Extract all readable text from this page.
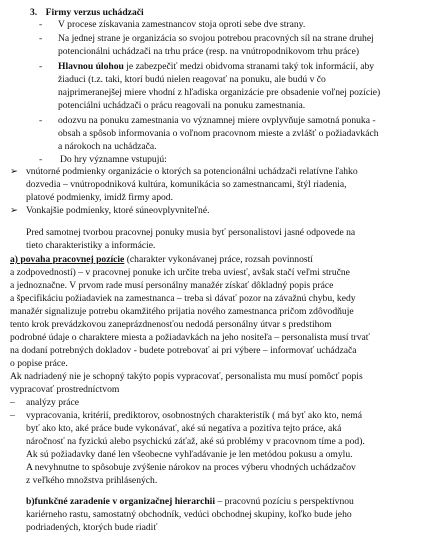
3. Firmy verzus uchádzači
- V procese získavania zamestnancov stoja oproti sebe dve strany.
- Na jednej strane je organizácia so svojou potrebou pracovných síl na strane druhej
potencionálni uchádzači na trhu práce (resp. na vnútropodnikovom trhu práce)
- Hlavnou úlohou je zabezpečiť medzi obidvoma stranami taký tok informácií, aby
žiaduci (t.z. taki, ktorí budú nielen reagovať na ponuku, ale budú v čo
najprimeranejšej miere vhodní z hľadiska organizácie pre obsadenie voľnej pozície)
potenciálni uchádzači o prácu reagovali na ponuku zamestnania.
- odozvu na ponuku zamestnania vo významnej miere ovplyvňuje samotná ponuka -
obsah a spôsob informovania o voľnom pracovnom mieste a zvlášť o požiadavkách
a nárokoch na uchádzača.
- Do hry významne vstupujú:
➢ vnútorné podmienky organizácie o ktorých sa potencionálni uchádzači relatívne ľahko
dozvedia – vnútropodniková kultúra, komunikácia so zamestnancami, štýl riadenia,
platové podmienky, imidž firmy apod.
➢ Vonkajšie podmienky, ktoré súneovplyvniteľné.
Pred samotnej tvorbou pracovnej ponuky musia byť personalistovi jasné odpovede na
tieto charakteristiky a informácie.
a) povaha pracovnej pozície (charakter vykonávanej práce, rozsah povinností
a zodpovedností) – v pracovnej ponuke ich určite treba uviesť, avšak stačí veľmi stručne
a jednoznačne. V prvom rade musí personálny manažér získať dôkladný popis práce
a špecifikáciu požiadaviek na zamestnanca – treba si dávať pozor na závažnú chybu, kedy
manažér signalizuje potrebu okamžitého prijatia nového zamestnanca pričom zdôvodňuje
tento krok prevádzkovou zaneprázdnenosťou nedodá personálny útvar s predstihom
podrobné údaje o charaktere miesta a požiadavkách na jeho nositeľa – personalista musí trvať
na dodaní potrebných dokladov - budete potrebovať ai pri výbere – informovať uchádzača
o popise práce.
Ak nadriadený nie je schopný takýto popis vypracovať, personalista mu musí pomôcť popis
vypracovať prostredníctvom
– analýzy práce
– vypracovania, kritérií, prediktorov, osobnostných charakteristík ( má byť ako kto, nemá
byť ako kto, aké práce bude vykonávať, aké sú negatíva a pozitíva tejto práce, aká
náročnosť na fyzickú alebo psychickú záťaž, aké sú problémy v pracovnom tíme a pod).
Ak sú požiadavky dané len všeobecne vyhľadávanie je len metódou pokusu a omylu.
A nevyhnutne to spôsobuje zvýšenie nárokov na proces výberu vhodných uchádzačov
z veľkého množstva prihlásených.
b)funkčné zaradenie v organizačnej hierarchii – pracovnú pozíciu s perspektívnou
kariérneho rastu, samostatný obchodník, vedúci obchodnej skupiny, koľko bude jeho
podriadených, ktorých bude riadiť
